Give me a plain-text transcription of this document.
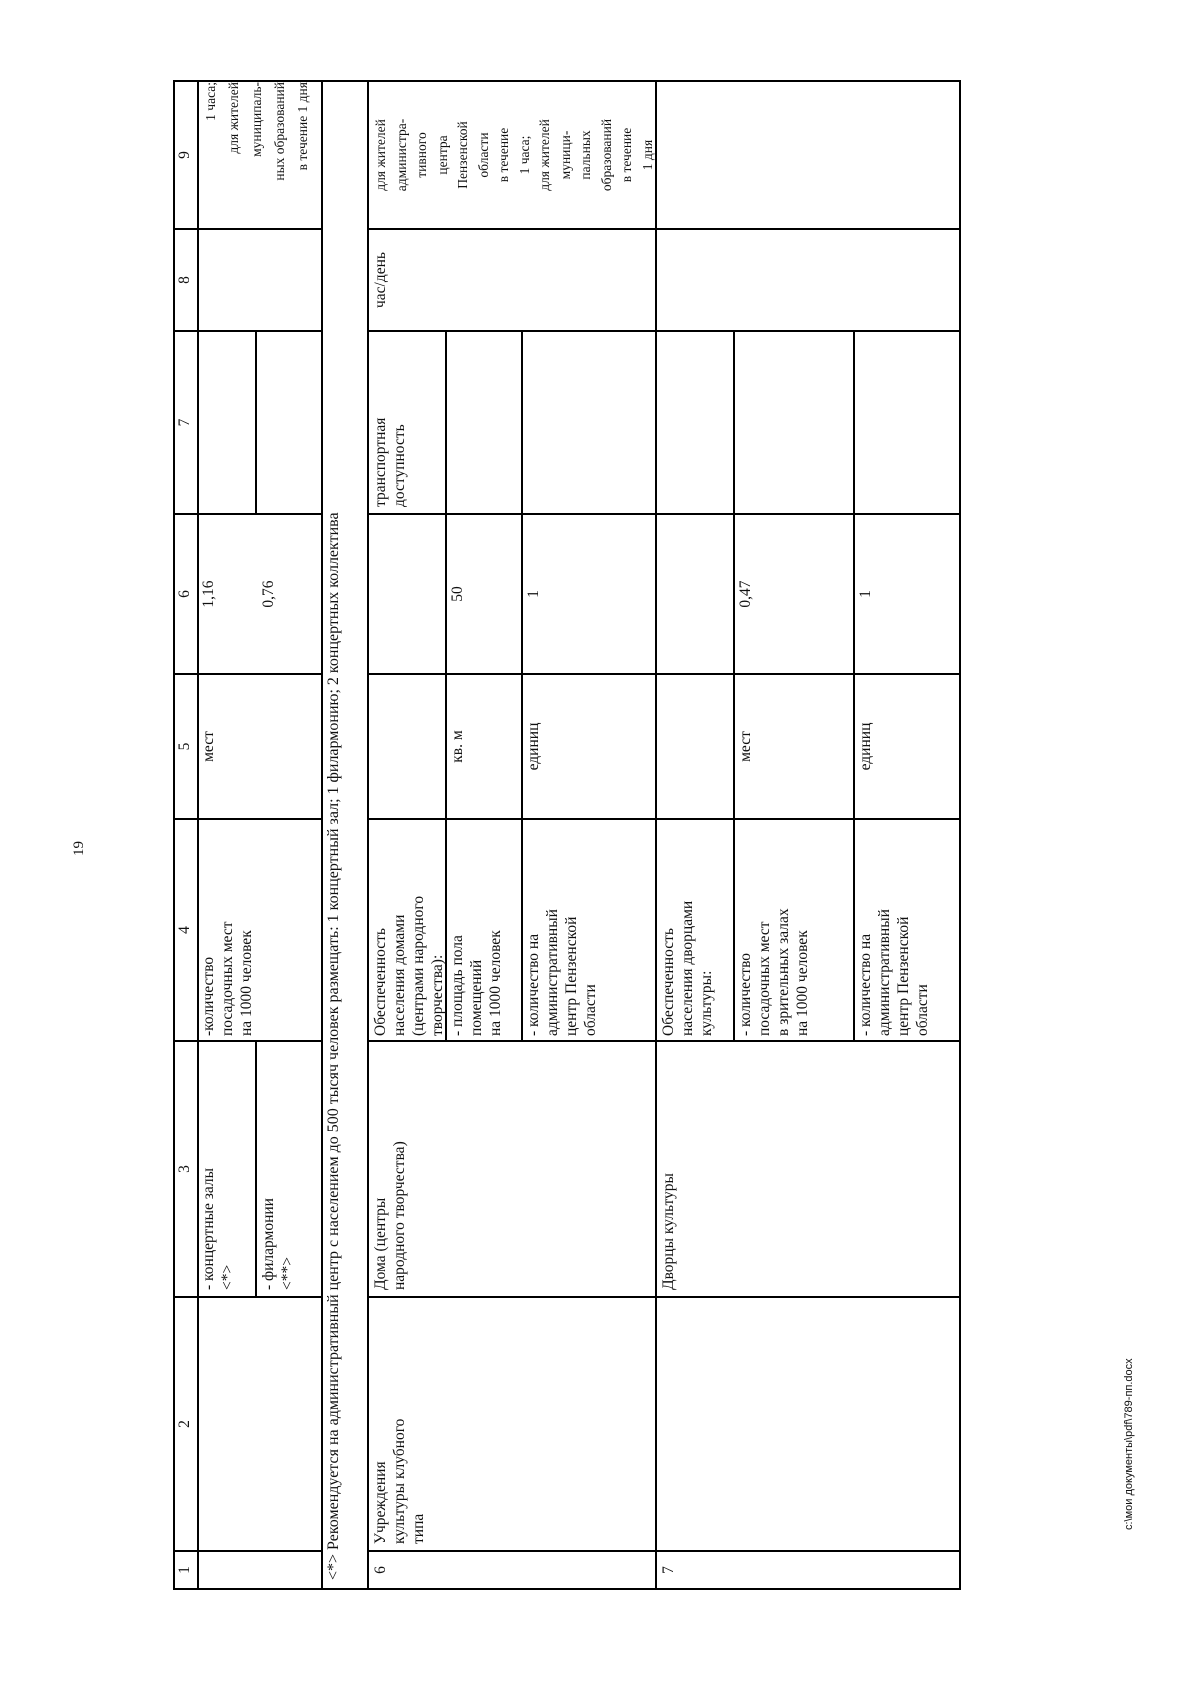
19
1
2
3
4
5
6
7
8
9
- концертные залы
<*> - филармонии
<**>
-количество
посадочных мест
на 1000 человек
мест
1,16	0,76
1 часа;
для жителей
муниципаль-
ных образований
в течение 1 дня
<*> Рекомендуется на административный центр с населением до 500 тысяч человек размещать: 1 концертный зал; 1 филармонию; 2 концертных коллектива 6
Учреждения
культуры клубного
типа
Дома (центры
народного творчества)
Обеспеченность
населения домами
(центрами народного
творчества): - площадь пола
помещений
на 1000 человек
кв. м
50
- количество на
административный
центр Пензенской
области
единиц
1
транспортная
доступность
час/день
для жителей
администра-
тивного
центра
Пензенской
области
в течение
1 часа;
для жителей
муници-
пальных
образований
в течение
1 дня
7
Дворцы культуры
Обеспеченность
населения дворцами
культуры: - количество
посадочных мест
в зрительных залах
на 1000 человек
мест
0,47
- количество на
административный
центр Пензенской
области
единиц
1
c:\мои документы\pdf\789-пп.docx
